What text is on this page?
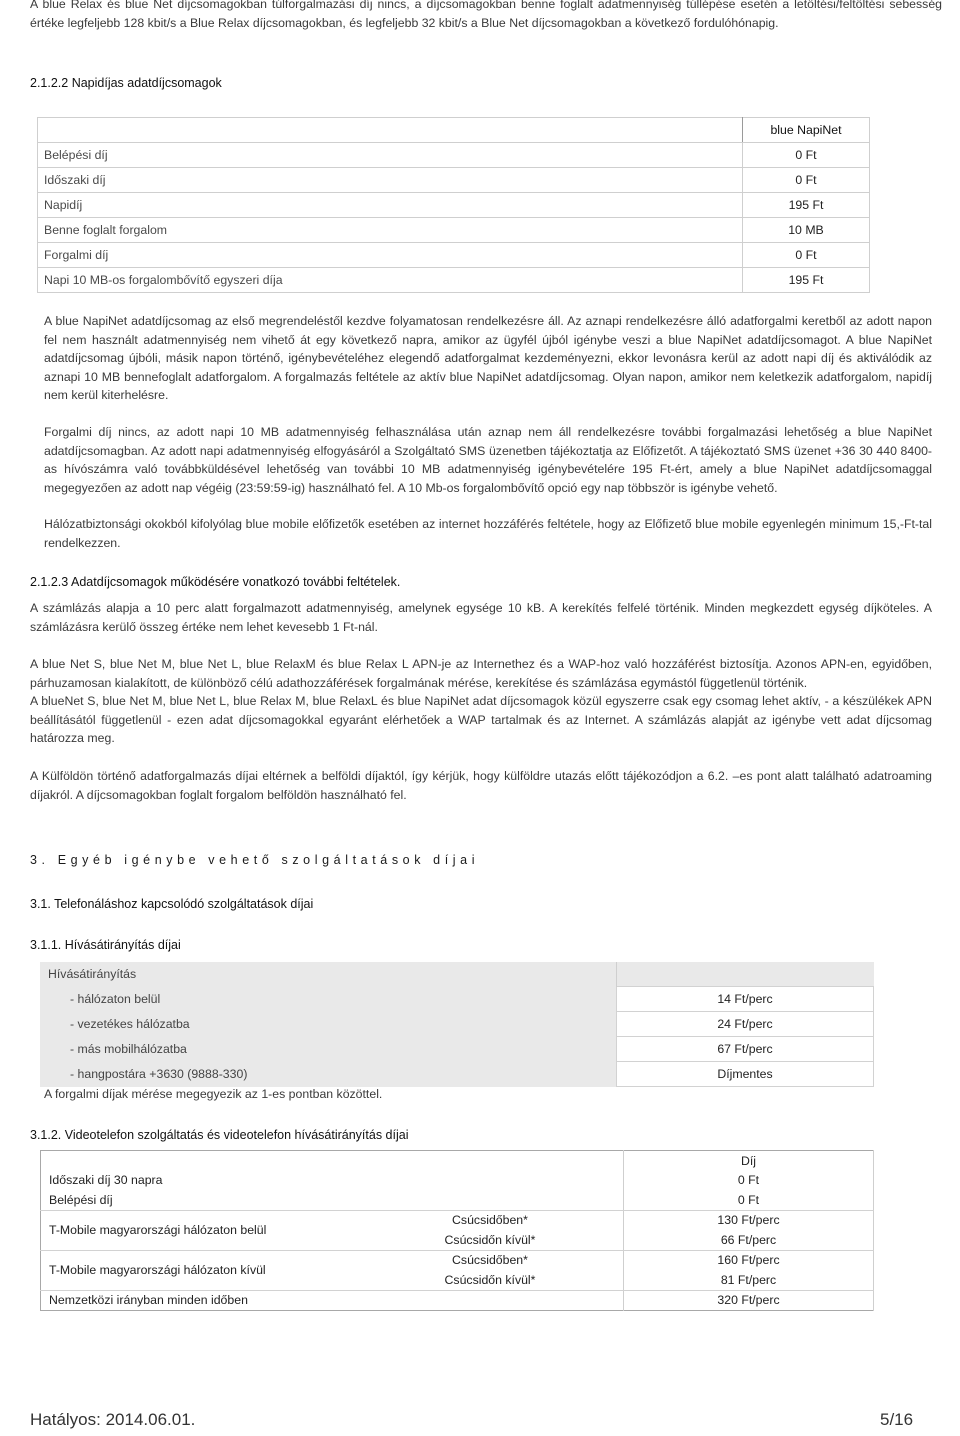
A blue Relax és blue Net díjcsomagokban túlforgalmazási díj nincs, a díjcsomagokban benne foglalt adatmennyiség túllépése esetén a letöltési/feltöltési sebesség értéke legfeljebb 128 kbit/s a Blue Relax díjcsomagokban, és legfeljebb 32 kbit/s a Blue Net díjcsomagokban a következő fordulóhónapig.
2.1.2.2 Napidíjas adatdíjcsomagok
	blue NapiNet
Belépési díj	0 Ft
Időszaki díj	0 Ft
Napidíj	195 Ft
Benne foglalt forgalom	10 MB
Forgalmi díj	0 Ft
Napi 10 MB-os forgalombővítő egyszeri díja	195 Ft
A blue NapiNet adatdíjcsomag az első megrendeléstől kezdve folyamatosan rendelkezésre áll. Az aznapi rendelkezésre álló adatforgalmi keretből az adott napon fel nem használt adatmennyiség nem vihető át egy következő napra, amikor az ügyfél újból igénybe veszi a blue NapiNet adatdíjcsomagot. A blue NapiNet adatdíjcsomag újbóli, másik napon történő, igénybevételéhez elegendő adatforgalmat kezdeményezni, ekkor levonásra kerül az adott napi díj és aktiválódik az aznapi 10 MB bennefoglalt adatforgalom. A forgalmazás feltétele az aktív blue NapiNet adatdíjcsomag. Olyan napon, amikor nem keletkezik adatforgalom, napidíj nem kerül kiterhelésre.
Forgalmi díj nincs, az adott napi 10 MB adatmennyiség felhasználása után aznap nem áll rendelkezésre további forgalmazási lehetőség a blue NapiNet adatdíjcsomagban. Az adott napi adatmennyiség elfogyásáról a Szolgáltató SMS üzenetben tájékoztatja az Előfizetőt. A tájékoztató SMS üzenet +36 30 440 8400-as hívószámra való továbbküldésével lehetőség van további 10 MB adatmennyiség igénybevételére 195 Ft-ért, amely a blue NapiNet adatdíjcsomaggal megegyezően az adott nap végéig (23:59:59-ig) használható fel. A 10 Mb-os forgalombővítő opció egy nap többször is igénybe vehető.
Hálózatbiztonsági okokból kifolyólag blue mobile előfizetők esetében az internet hozzáférés feltétele, hogy az Előfizető blue mobile egyenlegén minimum 15,-Ft-tal rendelkezzen.
2.1.2.3 Adatdíjcsomagok működésére vonatkozó további feltételek.
A számlázás alapja a 10 perc alatt forgalmazott adatmennyiség, amelynek egysége 10 kB. A kerekítés felfelé történik. Minden megkezdett egység díjköteles. A számlázásra kerülő összeg értéke nem lehet kevesebb 1 Ft-nál.
A blue Net S, blue Net M, blue Net L, blue RelaxM és blue Relax L APN-je az Internethez és a WAP-hoz való hozzáférést biztosítja. Azonos APN-en, egyidőben, párhuzamosan kialakított, de különböző célú adathozzáférések forgalmának mérése, kerekítése és számlázása egymástól függetlenül történik.
A blueNet S, blue Net M, blue Net L, blue Relax M, blue RelaxL és blue NapiNet adat díjcsomagok közül egyszerre csak egy csomag lehet aktív, - a készülékek APN beállításától függetlenül - ezen adat díjcsomagokkal egyaránt elérhetőek a WAP tartalmak és az Internet. A számlázás alapját az igénybe vett adat díjcsomag határozza meg.
A Külföldön történő adatforgalmazás díjai eltérnek a belföldi díjaktól, így kérjük, hogy külföldre utazás előtt tájékozódjon a 6.2. –es pont alatt található adatroaming díjakról. A díjcsomagokban foglalt forgalom belföldön használható fel.
3. Egyéb igénybe vehető szolgáltatások díjai
3.1. Telefonáláshoz kapcsolódó szolgáltatások díjai
3.1.1. Hívásátirányítás díjai
Hívásátirányítás	
- hálózaton belül	14 Ft/perc
- vezetékes hálózatba	24 Ft/perc
- más mobilhálózatba	67 Ft/perc
- hangpostára +3630 (9888-330)	Díjmentes
A forgalmi díjak mérése megegyezik az 1-es pontban közöttel.
3.1.2. Videotelefon szolgáltatás és videotelefon hívásátirányítás díjai
		Díj
Időszaki díj 30 napra		0 Ft
Belépési díj		0 Ft
T-Mobile magyarországi hálózaton belül	Csúcsidőben*	130 Ft/perc
	Csúcsidőn kívül*	66 Ft/perc
T-Mobile magyarországi hálózaton kívül	Csúcsidőben*	160 Ft/perc
	Csúcsidőn kívül*	81 Ft/perc
Nemzetközi irányban minden időben		320 Ft/perc
Hatályos: 2014.06.01.	5/16
